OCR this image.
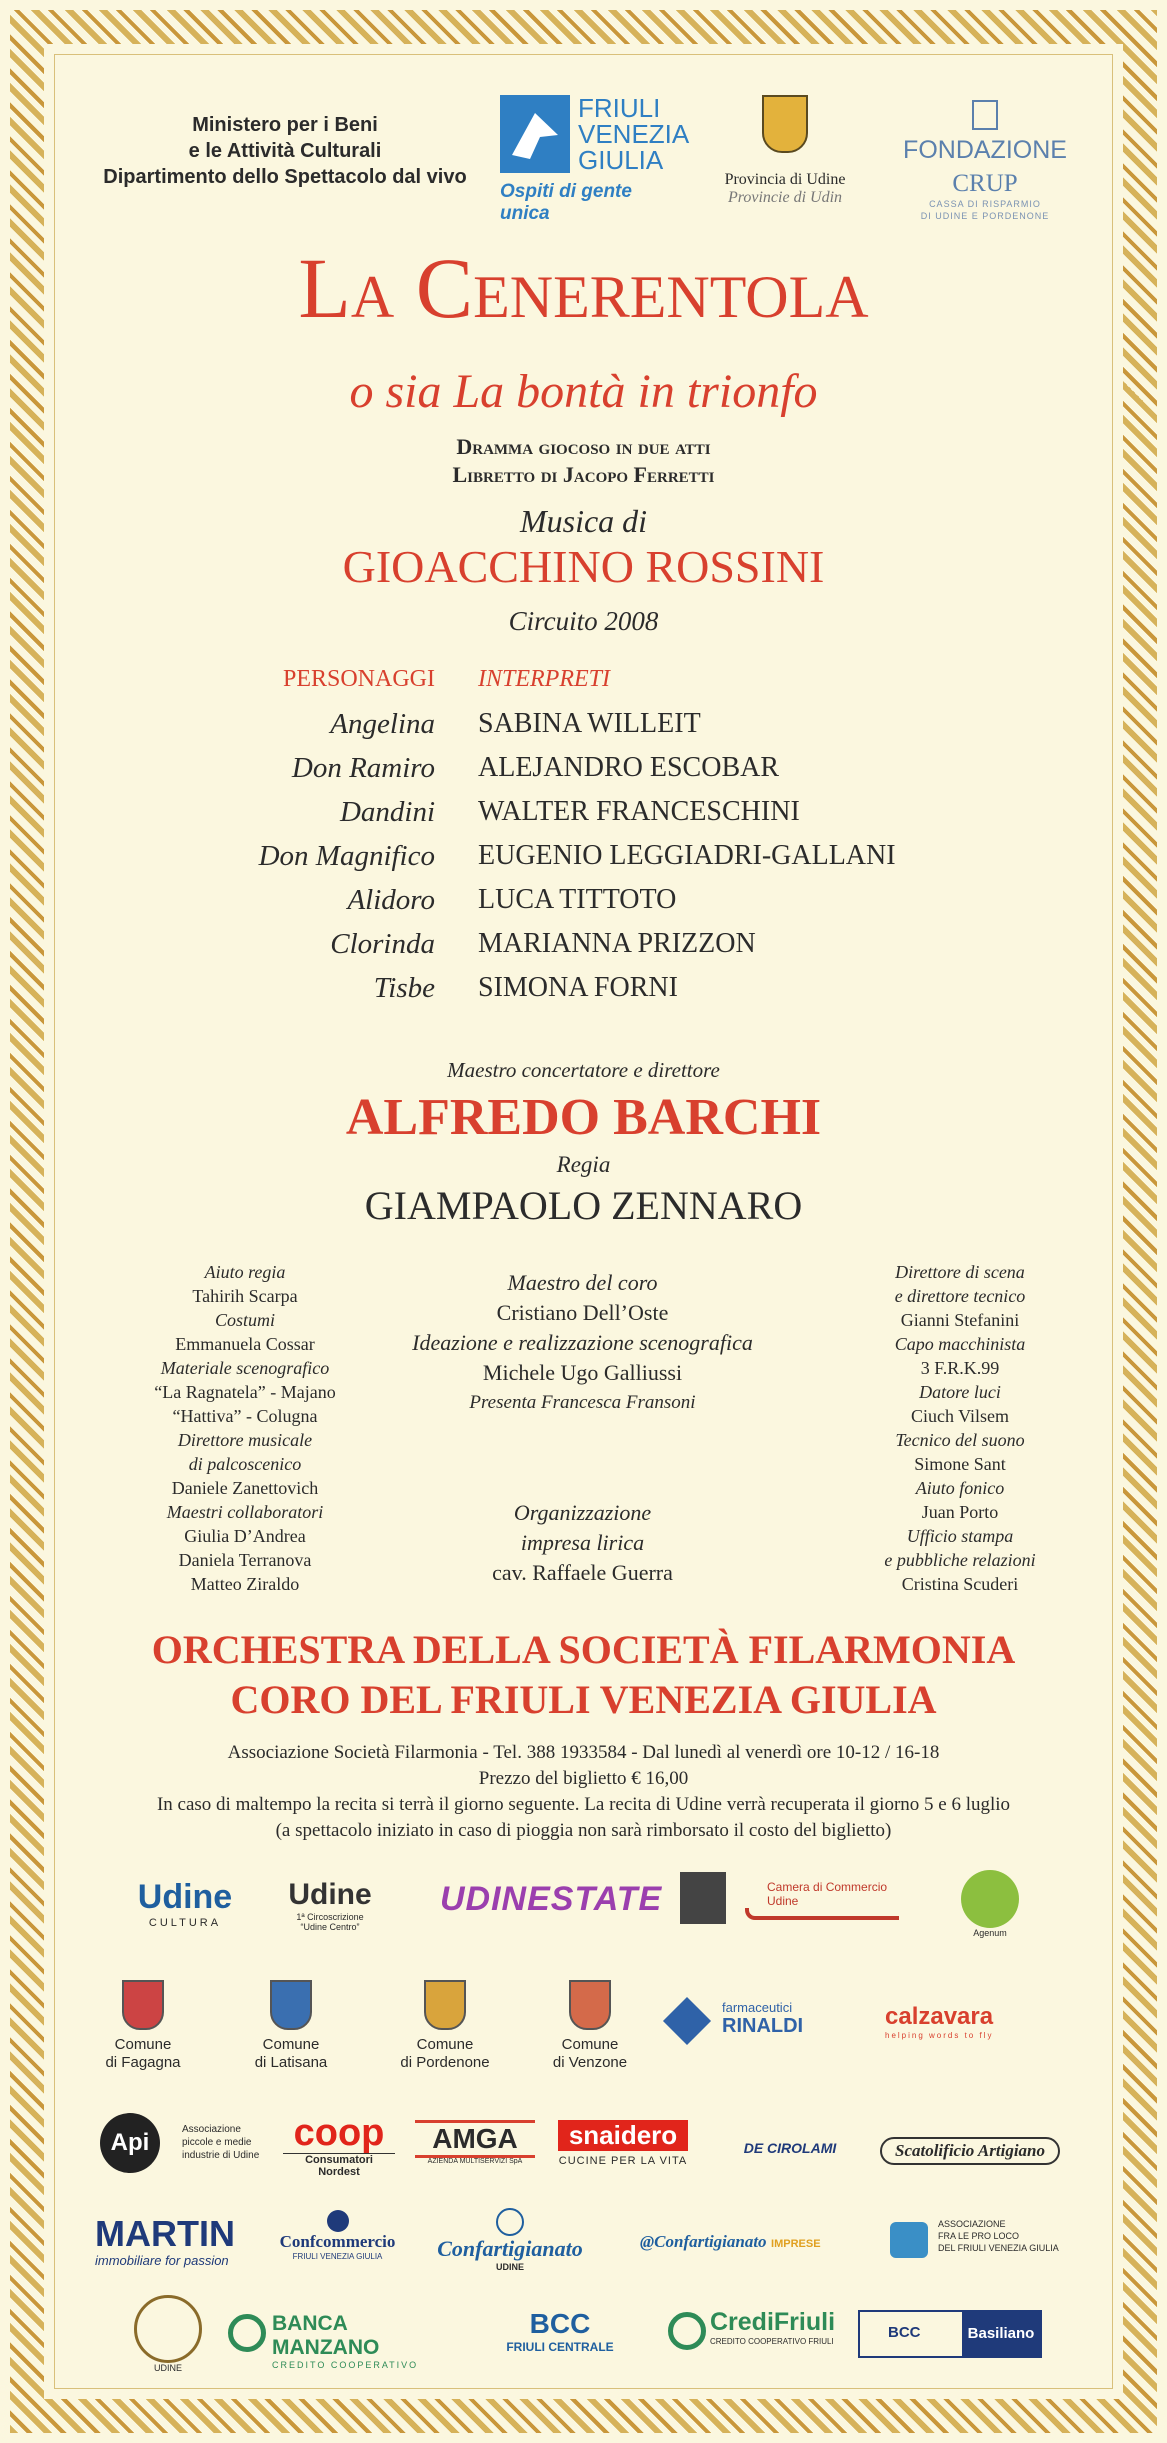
Ministero per i Beni
e le Attività Culturali
Dipartimento dello Spettacolo dal vivo
FRIULI
VENEZIA
GIULIA
Ospiti di gente unica
Provincia di Udine
Provincie di Udin
FONDAZIONE
CRUP
CASSA DI RISPARMIO
DI UDINE E PORDENONE
La Cenerentola
o sia La bontà in trionfo
Dramma giocoso in due atti
Libretto di Jacopo Ferretti
Musica di
GIOACCHINO ROSSINI
Circuito 2008
PERSONAGGI INTERPRETI
Angelina SABINA WILLEIT
Don Ramiro ALEJANDRO ESCOBAR
Dandini WALTER FRANCESCHINI
Don Magnifico EUGENIO LEGGIADRI-GALLANI
Alidoro LUCA TITTOTO
Clorinda MARIANNA PRIZZON
Tisbe SIMONA FORNI
Maestro concertatore e direttore
ALFREDO BARCHI
Regia
GIAMPAOLO ZENNARO
Aiuto regia
Tahirih Scarpa
Costumi
Emmanuela Cossar
Materiale scenografico
“La Ragnatela” - Majano
“Hattiva” - Colugna
Direttore musicale
di palcoscenico
Daniele Zanettovich
Maestri collaboratori
Giulia D’Andrea
Daniela Terranova
Matteo Ziraldo
Maestro del coro
Cristiano Dell’Oste
Ideazione e realizzazione scenografica
Michele Ugo Galliussi
Presenta Francesca Fransoni
Organizzazione
impresa lirica
cav. Raffaele Guerra
Direttore di scena
e direttore tecnico
Gianni Stefanini
Capo macchinista
3 F.R.K.99
Datore luci
Ciuch Vilsem
Tecnico del suono
Simone Sant
Aiuto fonico
Juan Porto
Ufficio stampa
e pubbliche relazioni
Cristina Scuderi
ORCHESTRA DELLA SOCIETÀ FILARMONIA
CORO DEL FRIULI VENEZIA GIULIA
Associazione Società Filarmonia - Tel. 388 1933584 - Dal lunedì al venerdì ore 10-12 / 16-18
Prezzo del biglietto € 16,00
In caso di maltempo la recita si terrà il giorno seguente. La recita di Udine verrà recuperata il giorno 5 e 6 luglio
(a spettacolo iniziato in caso di pioggia non sarà rimborsato il costo del biglietto)
Udine
CULTURA
Udine
1ª Circoscrizione
“Udine Centro”
UDINESTATE	Camera di Commercio
Udine
Agenum
Comune
di Fagagna
Comune
di Latisana
Comune
di Pordenone
Comune
di Venzone
farmaceutici
RINALDI	calzavara
helping words to fly
Api	Associazione
piccole e medie
industrie di Udine
coop
Consumatori Nordest
AMGA
AZIENDA MULTISERVIZI SpA
snaidero
CUCINE PER LA VITA
DE CIROLAMI	Scatolificio Artigiano
MARTIN
immobiliare for passion
Confcommercio
FRIULI VENEZIA GIULIA	Confartigianato
UDINE
@Confartigianato IMPRESE
ASSOCIAZIONE
FRA LE PRO LOCO
DEL FRIULI VENEZIA GIULIA
UDINE
BANCA MANZANO
CREDITO COOPERATIVO
BCC
FRIULI CENTRALE
CrediFriuli
CREDITO COOPERATIVO FRIULI
BCC	Basiliano
